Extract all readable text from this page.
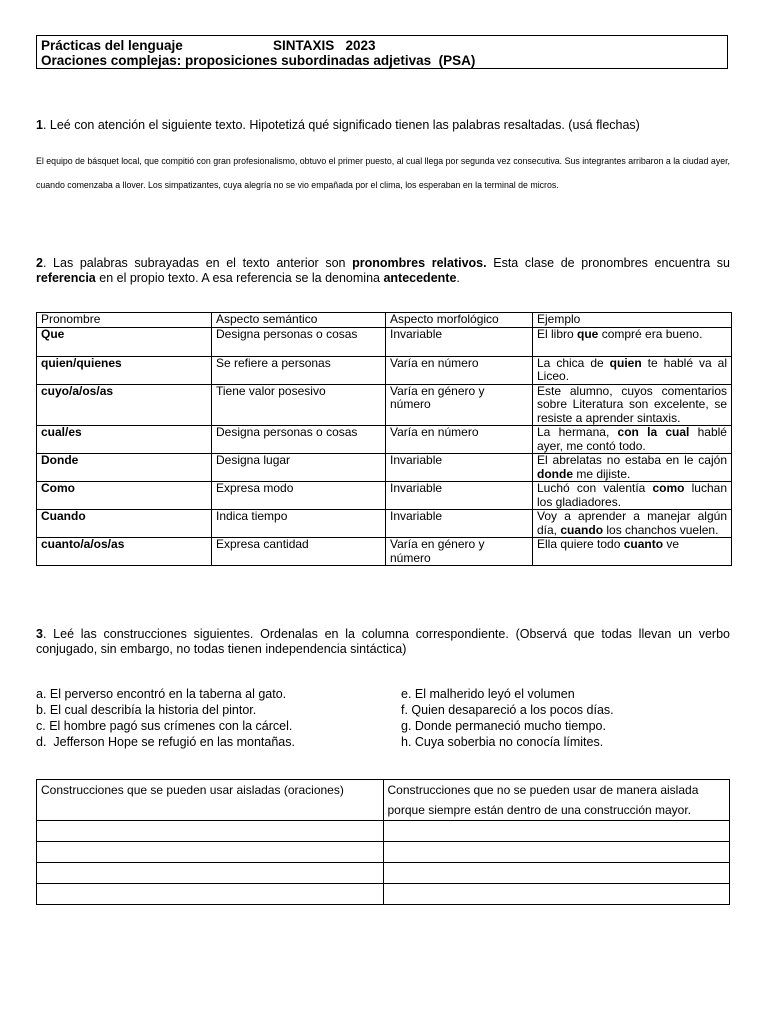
Prácticas del lenguaje	SINTAXIS   2023
Oraciones complejas: proposiciones subordinadas adjetivas  (PSA)
1. Leé con atención el siguiente texto. Hipotetizá qué significado tienen las palabras resaltadas. (usá flechas)
El equipo de básquet local, que compitió con gran profesionalismo, obtuvo el primer puesto, al cual llega por segunda vez consecutiva. Sus integrantes arribaron a la ciudad ayer, cuando comenzaba a llover. Los simpatizantes, cuya alegría no se vio empañada por el clima, los esperaban en la terminal de micros.
2. Las palabras subrayadas en el texto anterior son pronombres relativos. Esta clase de pronombres encuentra su referencia en el propio texto. A esa referencia se la denomina antecedente.
Pronombre	Aspecto semántico	Aspecto morfológico	Ejemplo
Que	Designa personas o cosas	Invariable	El libro que compré era bueno.
quien/quienes	Se refiere a personas	Varía en número	La chica de quien te hablé va al Liceo.
cuyo/a/os/as	Tiene valor posesivo	Varía en género y número	Este alumno, cuyos comentarios sobre Literatura son excelente, se resiste a aprender sintaxis.
cual/es	Designa personas o cosas	Varía en número	La hermana, con la cual hablé ayer, me contó todo.
Donde	Designa lugar	Invariable	El abrelatas no estaba en le cajón donde me dijiste.
Como	Expresa modo	Invariable	Luchó con valentía como luchan los gladiadores.
Cuando	Indica tiempo	Invariable	Voy a aprender a manejar algún día, cuando los chanchos vuelen.
cuanto/a/os/as	Expresa cantidad	Varía en género y número	Ella quiere todo cuanto ve
3. Leé las construcciones siguientes. Ordenalas en la columna correspondiente. (Observá que todas llevan un verbo conjugado, sin embargo, no todas tienen independencia sintáctica)
a. El perverso encontró en la taberna al gato.
b. El cual describía la historia del pintor.
c. El hombre pagó sus crímenes con la cárcel.
d.  Jefferson Hope se refugió en las montañas.
e. El malherido leyó el volumen
f. Quien desapareció a los pocos días.
g. Donde permaneció mucho tiempo.
h. Cuya soberbia no conocía límites.
Construcciones que se pueden usar aisladas (oraciones)	Construcciones que no se pueden usar de manera aislada porque siempre están dentro de una construcción mayor.
